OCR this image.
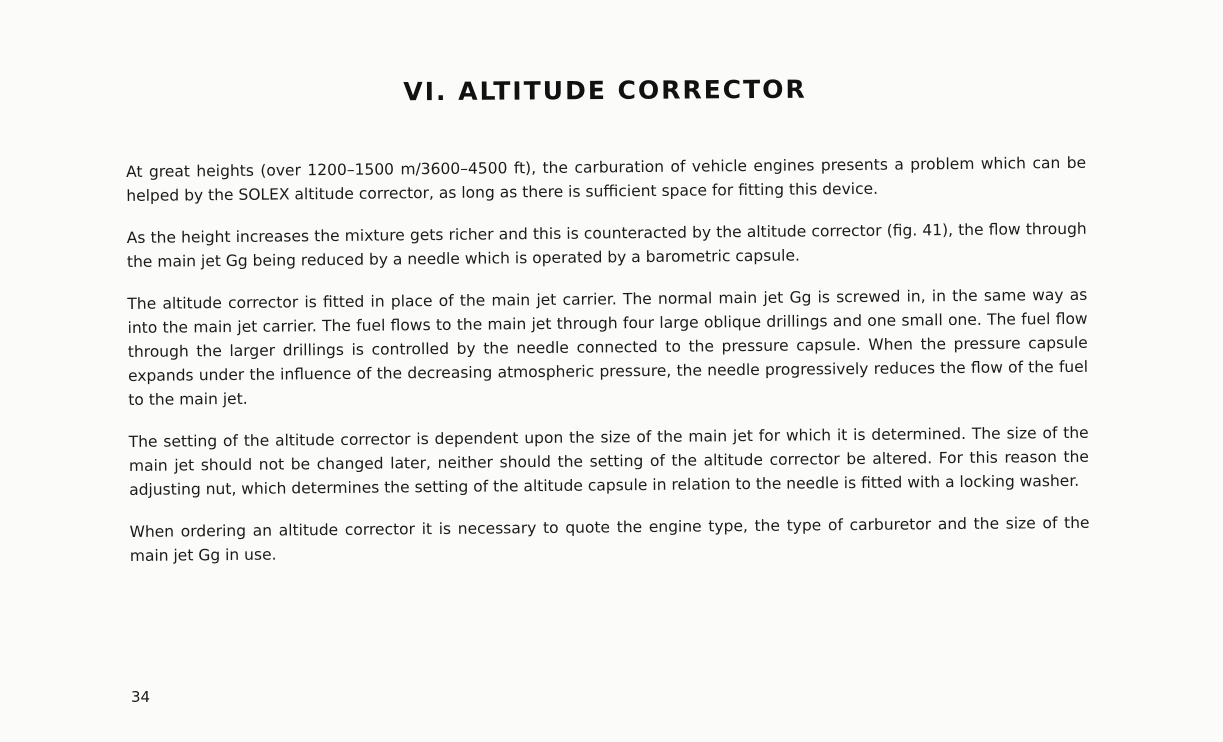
VI. ALTITUDE CORRECTOR

At great heights (over 1200–1500 m/3600–4500 ft), the carburation of vehicle engines presents a problem which can be helped by the SOLEX altitude corrector, as long as there is sufficient space for fitting this device.

As the height increases the mixture gets richer and this is counteracted by the altitude corrector (fig. 41), the flow through the main jet Gg being reduced by a needle which is operated by a barometric capsule.

The altitude corrector is fitted in place of the main jet carrier. The normal main jet Gg is screwed in, in the same way as into the main jet carrier. The fuel flows to the main jet through four large oblique drillings and one small one. The fuel flow through the larger drillings is controlled by the needle connected to the pressure capsule. When the pressure capsule expands under the influence of the decreasing atmospheric pressure, the needle progressively reduces the flow of the fuel to the main jet.

The setting of the altitude corrector is dependent upon the size of the main jet for which it is determined. The size of the main jet should not be changed later, neither should the setting of the altitude corrector be altered. For this reason the adjusting nut, which determines the setting of the altitude capsule in relation to the needle is fitted with a locking washer.

When ordering an altitude corrector it is necessary to quote the engine type, the type of carburetor and the size of the main jet Gg in use.

34
